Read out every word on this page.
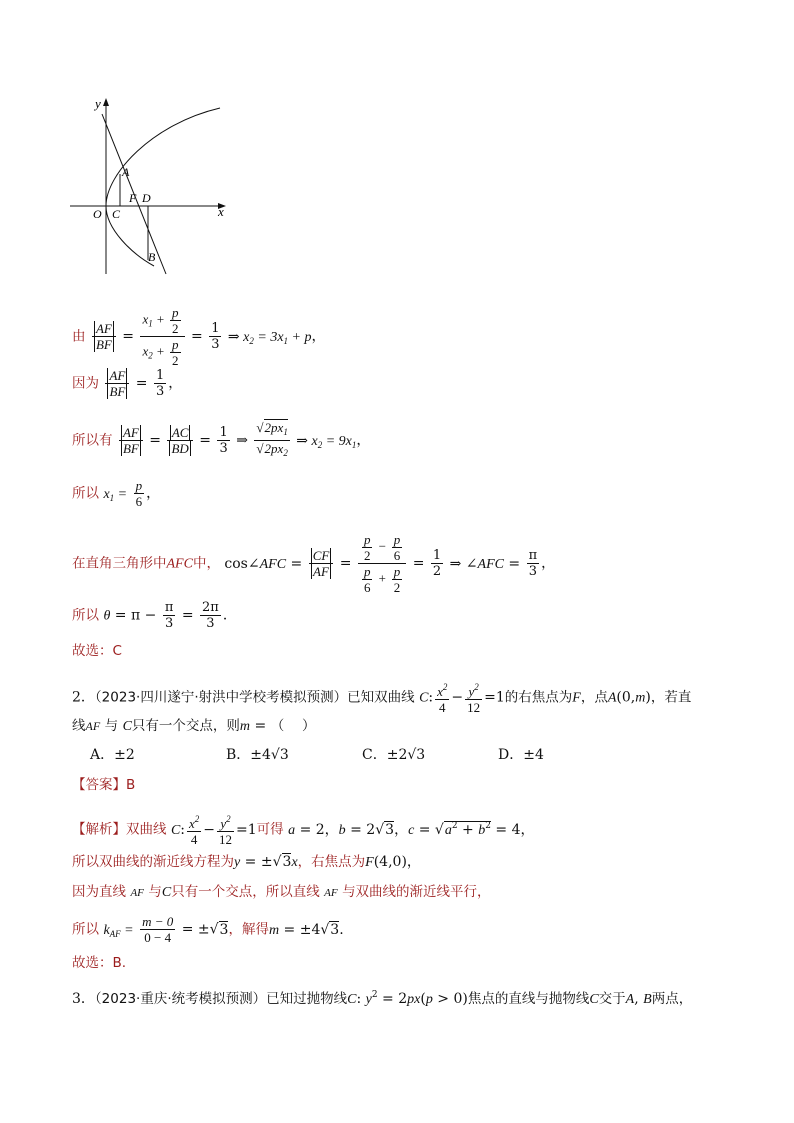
y
x
A
F D
O C
B
由 $\frac{AF}{BF} = \frac{x_1 + \frac{p}{2}}{x_2 + \frac{p}{2}} = \frac{1}{3}$ ⇒ $x_2 = 3x_1 + p$，
因为 $\frac{AF}{BF} = \frac{1}{3}$ ，
所以有 $\frac{AF}{BF} = \frac{AC}{BD} = \frac{1}{3}$ ⇒ $\frac{√2px_1}{√2px_2}$ ⇒ $x_2 = 9x_1$，
所以 $x_1 = \frac{p}{6}$ ，
在直角三角形中AFC中， cos∠AFC = $\frac{CF}{AF} = \frac{\frac{p}{2} - \frac{p}{6}}{\frac{p}{6} + \frac{p}{2}} = \frac{1}{2}$ ⇒ ∠AFC = $\frac{\pi}{3}$ ，
所以 $\theta = \pi - \frac{\pi}{3} = \frac{2\pi}{3}$ ．
故选：C
2．（2023·四川遂宁·射洪中学校考模拟预测）已知双曲线 C: $\frac{x^2}{4} - \frac{y^2}{12} =1$的右焦点为F，点A(0,m)，若直
线AF 与 C只有一个交点，则m = （　 ）
A．±2	B．±4√3	C．±2√3	D．±4
【答案】B
【解析】双曲线 C: $\frac{x^2}{4} - \frac{y^2}{12} =1$可得 a = 2，b = 2√3，$c = √a^2 + b^2 = 4$，
所以双曲线的渐近线方程为y = ±√3x，右焦点为F(4,0)，
因为直线 AF 与C只有一个交点，所以直线 AF 与双曲线的渐近线平行，
所以 $k_{AF} = \frac{m - 0}{0 - 4} = \pm√3$，解得m = ±4√3.
故选：B.
3．（2023·重庆·统考模拟预测）已知过抛物线C: $y^2 = 2px(p > 0)$焦点的直线与抛物线C交于A, B两点，
